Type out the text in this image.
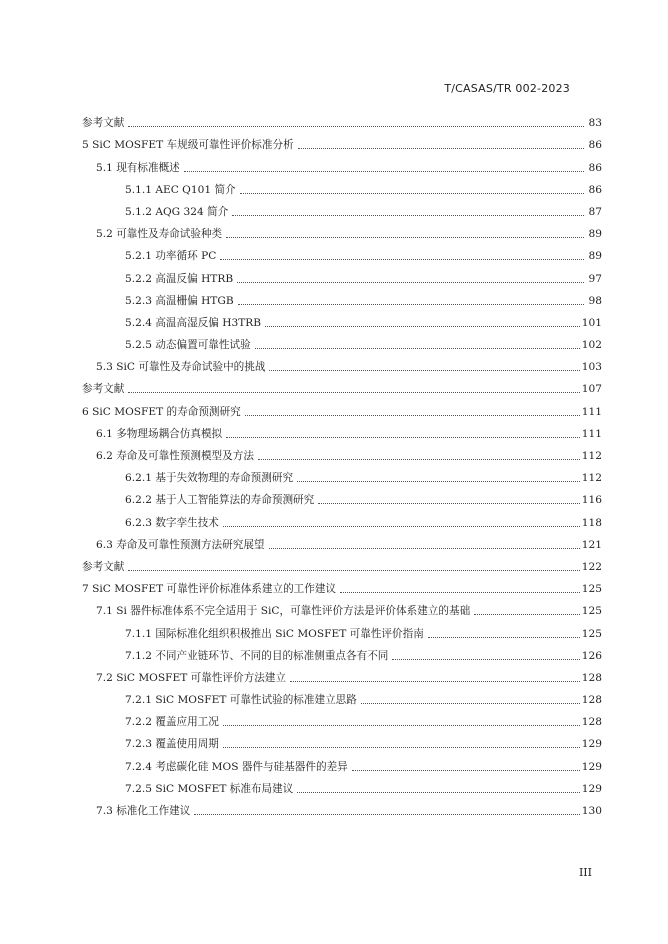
T/CASAS/TR 002-2023
参考文献	83
5 SiC MOSFET 车规级可靠性评价标准分析	86
5.1 现有标准概述	86
5.1.1 AEC Q101 简介	86
5.1.2 AQG 324 简介	87
5.2 可靠性及寿命试验种类	89
5.2.1 功率循环 PC	89
5.2.2 高温反偏 HTRB	97
5.2.3 高温栅偏 HTGB	98
5.2.4 高温高湿反偏 H3TRB	101
5.2.5 动态偏置可靠性试验	102
5.3 SiC 可靠性及寿命试验中的挑战	103
参考文献	107
6 SiC MOSFET 的寿命预测研究	111
6.1 多物理场耦合仿真模拟	111
6.2 寿命及可靠性预测模型及方法	112
6.2.1 基于失效物理的寿命预测研究	112
6.2.2 基于人工智能算法的寿命预测研究	116
6.2.3 数字孪生技术	118
6.3 寿命及可靠性预测方法研究展望	121
参考文献	122
7 SiC MOSFET 可靠性评价标准体系建立的工作建议	125
7.1 Si 器件标准体系不完全适用于 SiC，可靠性评价方法是评价体系建立的基础	125
7.1.1 国际标准化组织积极推出 SiC MOSFET 可靠性评价指南	125
7.1.2 不同产业链环节、不同的目的标准侧重点各有不同	126
7.2 SiC MOSFET 可靠性评价方法建立	128
7.2.1 SiC MOSFET 可靠性试验的标准建立思路	128
7.2.2 覆盖应用工况	128
7.2.3 覆盖使用周期	129
7.2.4 考虑碳化硅 MOS 器件与硅基器件的差异	129
7.2.5 SiC MOSFET 标准布局建议	129
7.3 标准化工作建议	130
III
